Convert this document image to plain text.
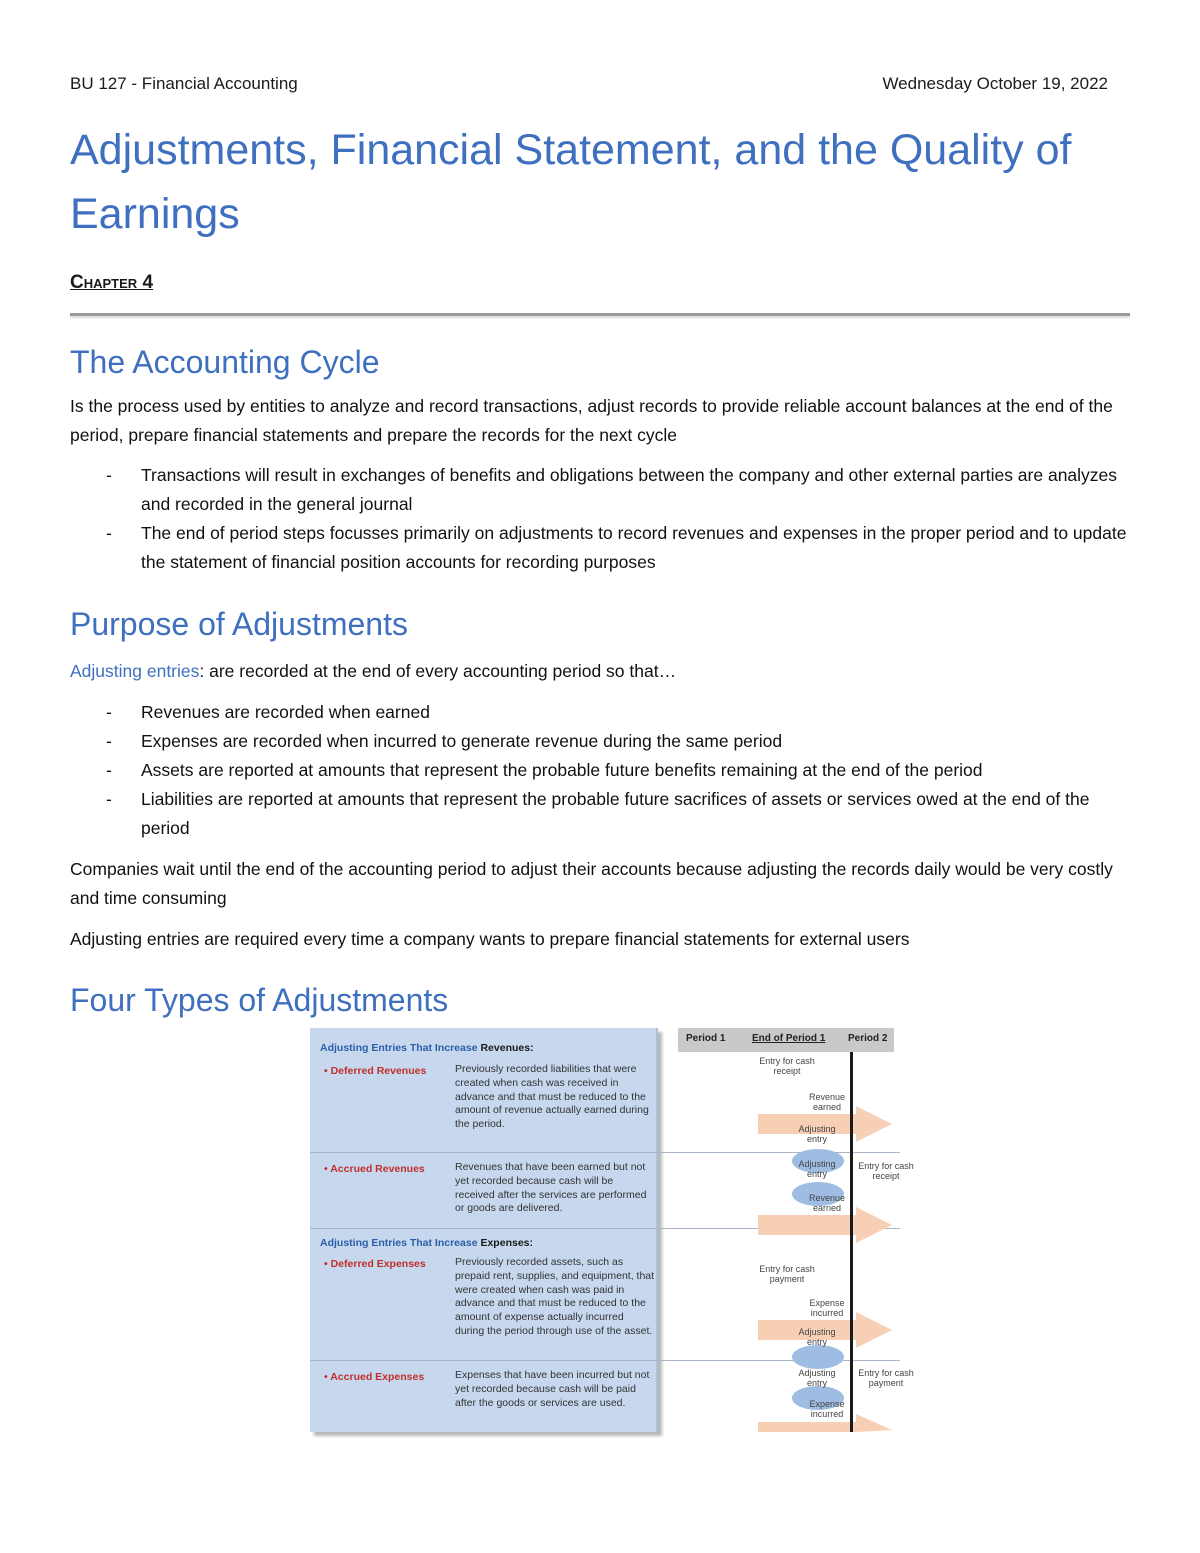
BU 127 - Financial Accounting	Wednesday October 19, 2022
Adjustments, Financial Statement, and the Quality of Earnings
Chapter 4
The Accounting Cycle

Is the process used by entities to analyze and record transactions, adjust records to provide reliable account balances at the end of the period, prepare financial statements and prepare the records for the next cycle

- Transactions will result in exchanges of benefits and obligations between the company and other external parties are analyzes and recorded in the general journal
- The end of period steps focusses primarily on adjustments to record revenues and expenses in the proper period and to update the statement of financial position accounts for recording purposes
Purpose of Adjustments

Adjusting entries: are recorded at the end of every accounting period so that…

- Revenues are recorded when earned
- Expenses are recorded when incurred to generate revenue during the same period
- Assets are reported at amounts that represent the probable future benefits remaining at the end of the period
- Liabilities are reported at amounts that represent the probable future sacrifices of assets or services owed at the end of the period

Companies wait until the end of the accounting period to adjust their accounts because adjusting the records daily would be very costly and time consuming

Adjusting entries are required every time a company wants to prepare financial statements for external users

Four Types of Adjustments
Period 1	End of Period 1 Period 2
Adjusting Entries That Increase Revenues:
• Deferred Revenues	Previously recorded liabilities that were created when cash was received in advance and that must be reduced to the amount of revenue actually earned during the period.
• Accrued Revenues	Revenues that have been earned but not yet recorded because cash will be received after the services are performed or goods are delivered.
Adjusting Entries That Increase Expenses:
• Deferred Expenses	Previously recorded assets, such as prepaid rent, supplies, and equipment, that were created when cash was paid in advance and that must be reduced to the amount of expense actually incurred during the period through use of the asset.
• Accrued Expenses	Expenses that have been incurred but not yet recorded because cash will be paid after the goods or services are used.
Entry for cash receipt
Revenue earned
Adjusting entry
Adjusting entry
Entry for cash receipt
Revenue earned
Entry for cash payment
Expense incurred
Adjusting entry
Adjusting entry
Entry for cash payment
Expense incurred
